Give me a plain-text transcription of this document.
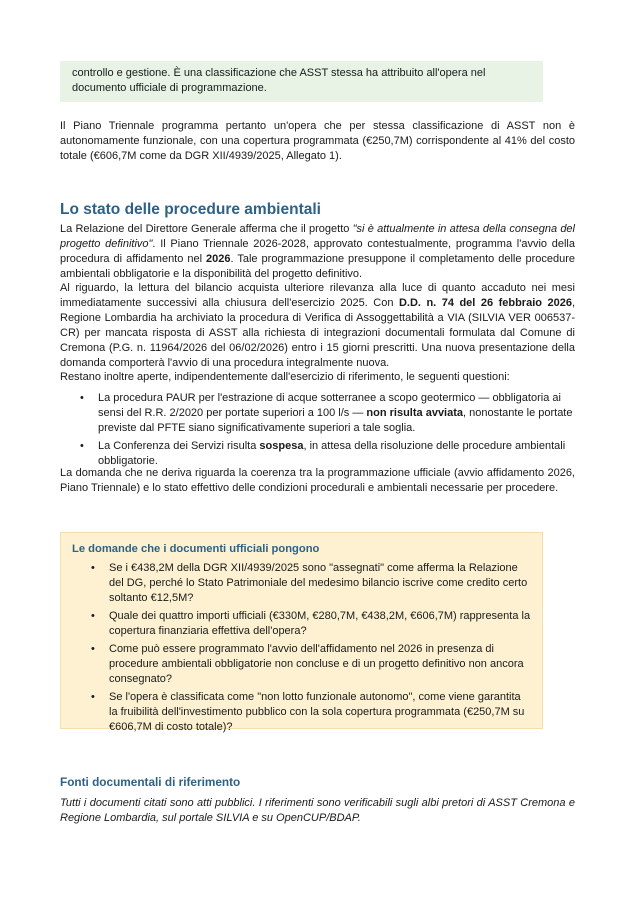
controllo e gestione. È una classificazione che ASST stessa ha attribuito all'opera nel documento ufficiale di programmazione.

Il Piano Triennale programma pertanto un'opera che per stessa classificazione di ASST non è autonomamente funzionale, con una copertura programmata (€250,7M) corrispondente al 41% del costo totale (€606,7M come da DGR XII/4939/2025, Allegato 1).

Lo stato delle procedure ambientali

La Relazione del Direttore Generale afferma che il progetto "si è attualmente in attesa della consegna del progetto definitivo". Il Piano Triennale 2026-2028, approvato contestualmente, programma l'avvio della procedura di affidamento nel 2026. Tale programmazione presuppone il completamento delle procedure ambientali obbligatorie e la disponibilità del progetto definitivo.

Al riguardo, la lettura del bilancio acquista ulteriore rilevanza alla luce di quanto accaduto nei mesi immediatamente successivi alla chiusura dell'esercizio 2025. Con D.D. n. 74 del 26 febbraio 2026, Regione Lombardia ha archiviato la procedura di Verifica di Assoggettabilità a VIA (SILVIA VER 006537-CR) per mancata risposta di ASST alla richiesta di integrazioni documentali formulata dal Comune di Cremona (P.G. n. 11964/2026 del 06/02/2026) entro i 15 giorni prescritti. Una nuova presentazione della domanda comporterà l'avvio di una procedura integralmente nuova.

Restano inoltre aperte, indipendentemente dall'esercizio di riferimento, le seguenti questioni:

• La procedura PAUR per l'estrazione di acque sotterranee a scopo geotermico — obbligatoria ai sensi del R.R. 2/2020 per portate superiori a 100 l/s — non risulta avviata, nonostante le portate previste dal PFTE siano significativamente superiori a tale soglia.
• La Conferenza dei Servizi risulta sospesa, in attesa della risoluzione delle procedure ambientali obbligatorie.

La domanda che ne deriva riguarda la coerenza tra la programmazione ufficiale (avvio affidamento 2026, Piano Triennale) e lo stato effettivo delle condizioni procedurali e ambientali necessarie per procedere.

Le domande che i documenti ufficiali pongono
• Se i €438,2M della DGR XII/4939/2025 sono "assegnati" come afferma la Relazione del DG, perché lo Stato Patrimoniale del medesimo bilancio iscrive come credito certo soltanto €12,5M?
• Quale dei quattro importi ufficiali (€330M, €280,7M, €438,2M, €606,7M) rappresenta la copertura finanziaria effettiva dell'opera?
• Come può essere programmato l'avvio dell'affidamento nel 2026 in presenza di procedure ambientali obbligatorie non concluse e di un progetto definitivo non ancora consegnato?
• Se l'opera è classificata come "non lotto funzionale autonomo", come viene garantita la fruibilità dell'investimento pubblico con la sola copertura programmata (€250,7M su €606,7M di costo totale)?
Fonti documentali di riferimento

Tutti i documenti citati sono atti pubblici. I riferimenti sono verificabili sugli albi pretori di ASST Cremona e Regione Lombardia, sul portale SILVIA e su OpenCUP/BDAP.
